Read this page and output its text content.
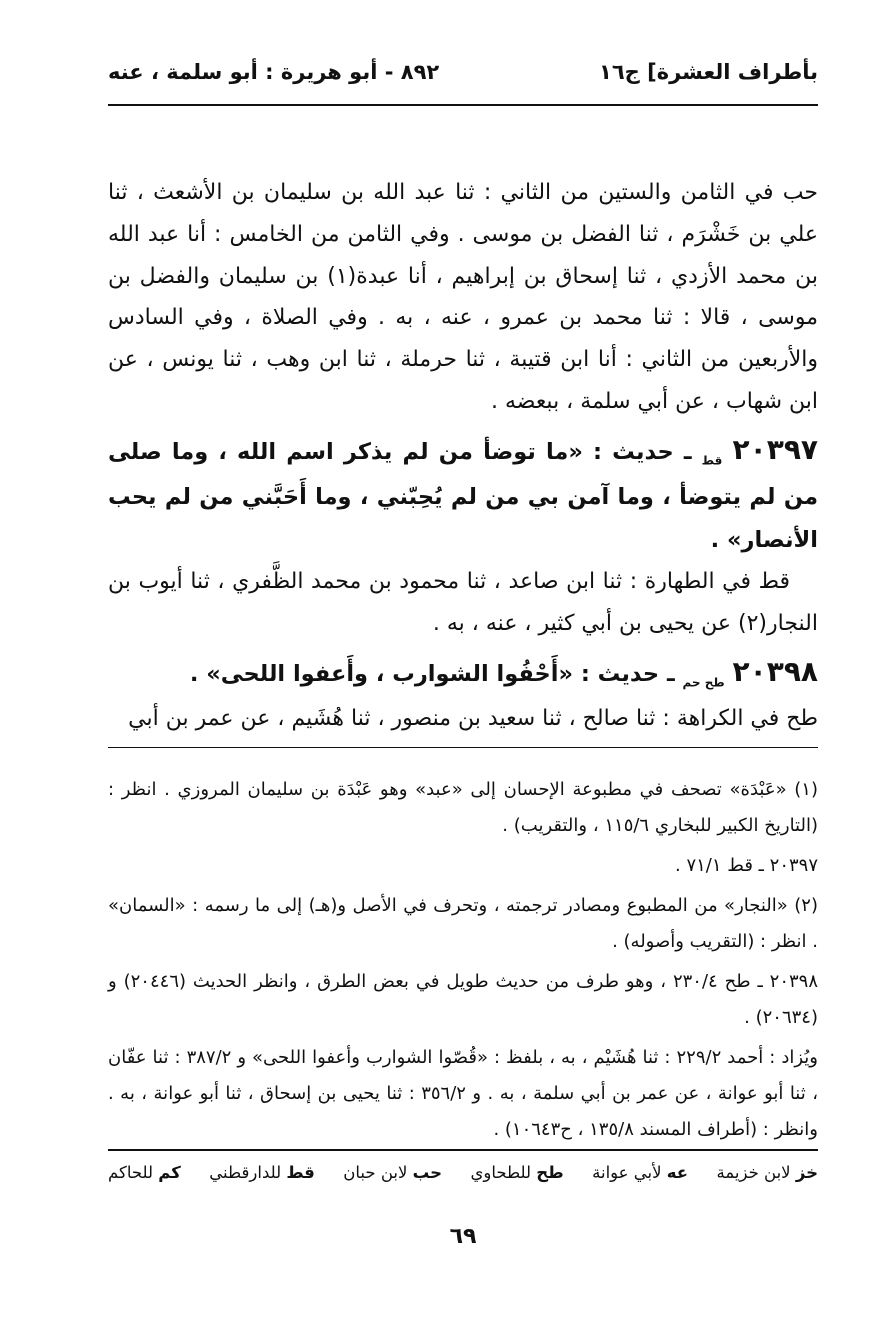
بأطراف العشرة] ج١٦
٨٩٢ - أبو هريرة : أبو سلمة ، عنه

حب في الثامن والستين من الثاني : ثنا عبد الله بن سليمان بن الأشعث ، ثنا علي بن خَشْرَم ، ثنا الفضل بن موسى . وفي الثامن من الخامس : أنا عبد الله بن محمد الأزدي ، ثنا إسحاق بن إبراهيم ، أنا عبدة(١) بن سليمان والفضل بن موسى ، قالا : ثنا محمد بن عمرو ، عنه ، به . وفي الصلاة ، وفي السادس والأربعين من الثاني : أنا ابن قتيبة ، ثنا حرملة ، ثنا ابن وهب ، ثنا يونس ، عن ابن شهاب ، عن أبي سلمة ، ببعضه .

٢٠٣٩٧ $_{قط}$ ـ حديث : «ما توضأ من لم يذكر اسم الله ، وما صلى من لم يتوضأ ، وما آمن بي من لم يُحِبّني ، وما أَحَبَّني من لم يحب الأنصار» .

قط في الطهارة : ثنا ابن صاعد ، ثنا محمود بن محمد الظَّفري ، ثنا أيوب بن النجار(٢) عن يحيى بن أبي كثير ، عنه ، به .

٢٠٣٩٨ $_{طح حم}$ ـ حديث : «أَحْفُوا الشوارب ، وأَعفوا اللحى» .

طح في الكراهة : ثنا صالح ، ثنا سعيد بن منصور ، ثنا هُشَيم ، عن عمر بن أبي

(١) «عَبْدَة» تصحف في مطبوعة الإحسان إلى «عبد» وهو عَبْدَة بن سليمان المروزي . انظر : (التاريخ الكبير للبخاري ١١٥/٦ ، والتقريب) .

٢٠٣٩٧ ـ قط ٧١/١ .

(٢) «النجار» من المطبوع ومصادر ترجمته ، وتحرف في الأصل و(هـ) إلى ما رسمه : «السمان» . انظر : (التقريب وأصوله) .

٢٠٣٩٨ ـ طح ٢٣٠/٤ ، وهو طرف من حديث طويل في بعض الطرق ، وانظر الحديث (٢٠٤٤٦) و (٢٠٦٣٤) .

ويُزاد : أحمد ٢٢٩/٢ : ثنا هُشَيْم ، به ، بلفظ : «قُصّوا الشوارب وأعفوا اللحى» و ٣٨٧/٢ : ثنا عفّان ، ثنا أبو عوانة ، عن عمر بن أبي سلمة ، به . و ٣٥٦/٢ : ثنا يحيى بن إسحاق ، ثنا أبو عوانة ، به . وانظر : (أطراف المسند ١٣٥/٨ ، ح١٠٦٤٣) .

خز لابن خزيمة
عه لأبي عوانة
طح للطحاوي
حب لابن حبان
قط للدارقطني
كم للحاكم
٦٩
